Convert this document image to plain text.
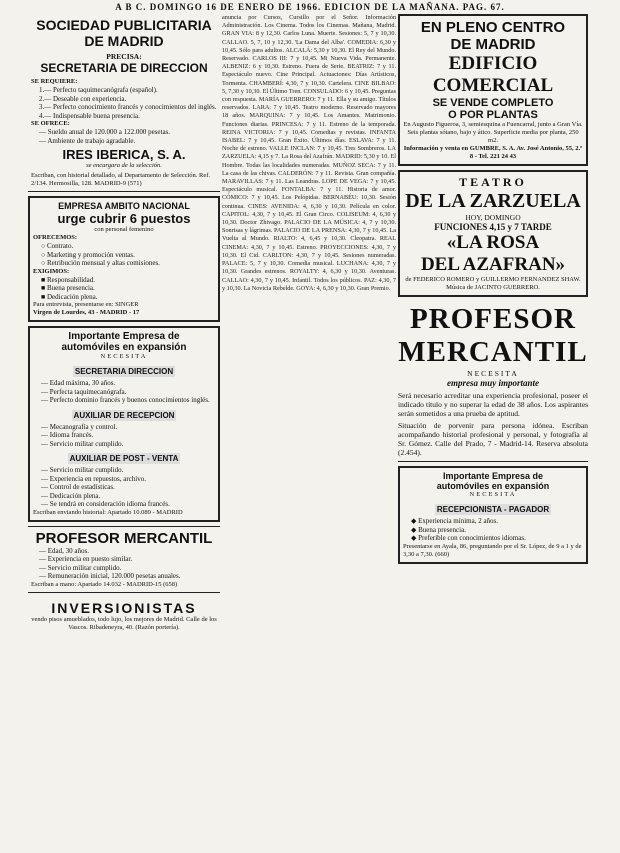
A B C. DOMINGO 16 DE ENERO DE 1966. EDICION DE LA MAÑANA. PAG. 67.
SOCIEDAD PUBLICITARIA
DE MADRID
PRECISA:
SECRETARIA DE DIRECCION
SE REQUIERE:
1.— Perfecto taquimecanógrafa (español).
2.— Deseable con experiencia.
3.— Perfecto conocimiento francés y conocimientos del inglés.
4.— Indispensable buena presencia.
SE OFRECE:
— Sueldo anual de 120.000 a 122.000 pesetas.
— Ambiente de trabajo agradable.
IRES IBERICA, S. A.
se encargara de la selección.
Escriban, con historial detallado, al Departamento de Selección. Ref. 2/134. Hermosilla, 128. MADRID-9 (571)
EMPRESA AMBITO NACIONAL
urge cubrir 6 puestos
con personal femenino
OFRECEMOS:
○ Contrato.
○ Marketing y promoción ventas.
○ Retribución mensual y altas comisiones.
EXIGIMOS:
■ Responsabilidad.
■ Buena presencia.
■ Dedicación plena.
Para entrevista, presentarse en: SINGER
Virgen de Lourdes, 43 - MADRID - 17
Importante Empresa de
automóviles en expansión
NECESITA
SECRETARIA DIRECCION
— Edad máxima, 30 años.
— Perfecta taquimecanógrafa.
— Perfecto dominio francés y buenos conocimientos inglés.
AUXILIAR DE RECEPCION
— Mecanografía y control.
— Idioma francés.
— Servicio militar cumplido.
AUXILIAR DE POST - VENTA
— Servicio militar cumplido.
— Experiencia en repuestos, archivo.
— Control de estadísticas.
— Dedicación plena.
— Se tendrá en consideración idioma francés.
Escriban enviando historial: Apartado 10.089 - MADRID
PROFESOR MERCANTIL
— Edad, 30 años.
— Experiencia en puesto similar.
— Servicio militar cumplido.
— Remuneración inicial, 120.000 pesetas anuales.
Escriban a mano: Apartado 14.032 - MADRID-15 (658)
INVERSIONISTAS
vendo pisos amueblados, todo lujo, los mejores de Madrid. Calle de los Vascos. Ribadeneyra, 40. (Razón portería).
anuncia por Cursos, Cursillo por el Señor. Información Administración. Los Cinema. Todos los Cinemas. Mañana, Madrid. GRAN VIA: 8 y 12,30. Carlos Luna. Muerte. Sesiones: 5, 7 y 10,30. CALLAO. 5, 7, 10 y 12,30. 'La Dama del Alba'. COMEDIA: 6,30 y 10,45. Sólo para adultos. ALCALÁ: 5,30 y 10,30. El Rey del Mundo. Reservado. CARLOS III: 7 y 10,45. Mi Nueva Vida. Permanente. ALBENIZ: 6 y 10,30. Estreno. Fuera de Serie. BEATRIZ: 7 y 11. Espectáculo nuevo. Cine Principal. Actuaciones: Días Artísticos, Tormenta. CHAMBERÍ: 4,30, 7 y 10,30. Cartelera. CINE BILBAO: 5, 7,30 y 10,30. El Último Tren. CONSULADO: 6 y 10,45. Preguntas con respuesta. MARÍA GUERRERO: 7 y 11. Ella y su amigo. Títulos reservados. LARA: 7 y 10,45. Teatro moderno. Reservado mayores 18 años. MARQUINA: 7 y 10,45. Los Amantes. Matrimonio. Funciones diarias. PRINCESA: 7 y 11. Estreno de la temporada. REINA VICTORIA: 7 y 10,45. Comedias y revistas. INFANTA ISABEL: 7 y 10,45. Gran Éxito. Últimos días. ESLAVA: 7 y 11. Noche de estreno. VALLE INCLAN: 7 y 10,45. Tres Sombreros. LA ZARZUELA: 4,15 y 7. La Rosa del Azafrán. MADRID: 5,30 y 10. El Hombre. Todas las localidades numeradas. MUÑOZ SECA: 7 y 11. La casa de las chivas. CALDERÓN: 7 y 11. Revista. Gran compañía. MARAVILLAS: 7 y 11. Las Leandras. LOPE DE VEGA: 7 y 10,45. Espectáculo musical. FONTALBA: 7 y 11. Historia de amor. CÓMICO: 7 y 10,45. Los Pelópidas. BERNABÉU: 10,30. Sesión continua. CINES: AVENIDA: 4, 6,30 y 10,30. Película en color. CAPITOL: 4,30, 7 y 10,45. El Gran Circo. COLISEUM: 4, 6,30 y 10,30. Doctor Zhivago. PALACIO DE LA MÚSICA: 4, 7 y 10,30. Sonrisas y lágrimas. PALACIO DE LA PRENSA: 4,30, 7 y 10,45. La Vuelta al Mundo. RIALTO: 4, 6,45 y 10,30. Cleopatra. REAL CINEMA: 4,30, 7 y 10,45. Estreno. PROYECCIONES: 4,30, 7 y 10,30. El Cid. CARLTON: 4,30, 7 y 10,45. Sesiones numeradas. PALACE: 5, 7 y 10,30. Comedia musical. LUCHANA: 4,30, 7 y 10,30. Grandes estrenos. ROYALTY: 4, 6,30 y 10,30. Aventuras. CALLAO: 4,30, 7 y 10,45. Infantil. Todos los públicos. PAZ: 4,30, 7 y 10,30. La Novicia Rebelde. GOYA: 4, 6,30 y 10,30. Gran Premio.
EN PLENO CENTRO
DE MADRID
EDIFICIO COMERCIAL
SE VENDE COMPLETO
O POR PLANTAS
En Augusto Figueroa, 3, semiesquina a Fuencarral, junto a Gran Vía.
Seis plantas sótano, bajo y ático. Superficie media por planta, 250 m2.
Información y venta en GUMBRE, S. A. Av. José Antonio, 55, 2.º 8 - Tel. 221 24 43
TEATRO
DE LA ZARZUELA
HOY, DOMINGO
FUNCIONES 4,15 y 7 TARDE
«LA ROSA
DEL AZAFRAN»
de FEDERICO ROMERO y GUILLERMO FERNANDEZ SHAW. Música de JACINTO GUERRERO.
PROFESOR
MERCANTIL
NECESITA
empresa muy importante
Será necesario acreditar una experiencia profesional, poseer el indicado título y no superar la edad de 38 años. Los aspirantes serán sometidos a una prueba de aptitud.
Situación de porvenir para persona idónea. Escriban acompañando historial profesional y personal, y fotografía al Sr. Gómez. Calle del Prado, 7 - Madrid-14. Reserva absoluta (2.454).
Importante Empresa de
automóviles en expansión
NECESITA
RECEPCIONISTA - PAGADOR
◆ Experiencia mínima, 2 años.
◆ Buena presencia.
◆ Preferible con conocimientos idiomas.
Presentarse en Ayala, 86, preguntando por el Sr. López, de 9 a 1 y de 3,30 a 7,30. (660)
